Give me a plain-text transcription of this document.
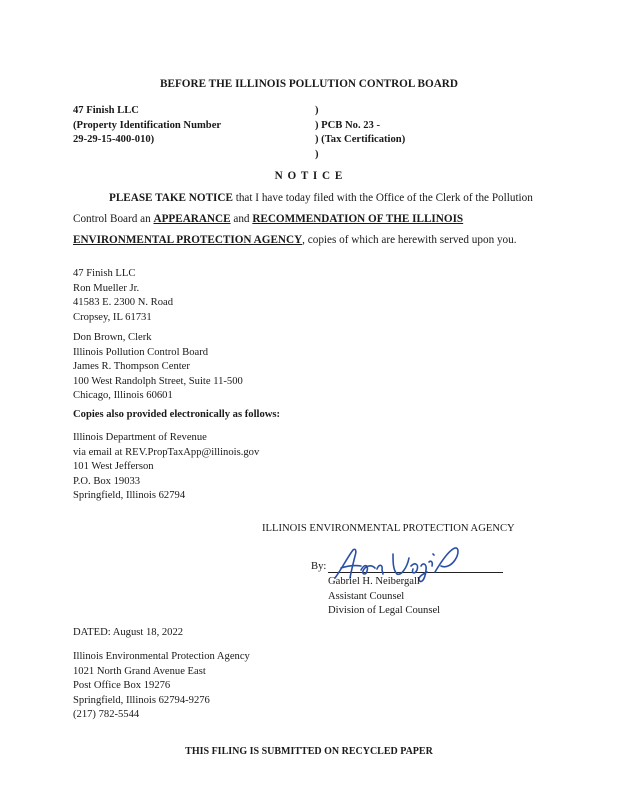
BEFORE THE ILLINOIS POLLUTION CONTROL BOARD
47 Finish LLC
(Property Identification Number
29-29-15-400-010)
)
) PCB No. 23 -
) (Tax Certification)
)
N O T I C E
PLEASE TAKE NOTICE that I have today filed with the Office of the Clerk of the Pollution
Control Board an APPEARANCE and RECOMMENDATION OF THE ILLINOIS
ENVIRONMENTAL PROTECTION AGENCY, copies of which are herewith served upon you.
47 Finish LLC
Ron Mueller Jr.
41583 E. 2300 N. Road
Cropsey, IL 61731
Don Brown, Clerk
Illinois Pollution Control Board
James R. Thompson Center
100 West Randolph Street, Suite 11-500
Chicago, Illinois 60601
Copies also provided electronically as follows:
Illinois Department of Revenue
via email at REV.PropTaxApp@illinois.gov
101 West Jefferson
P.O. Box 19033
Springfield, Illinois 62794
ILLINOIS ENVIRONMENTAL PROTECTION AGENCY
By:
Gabriel H. Neibergall
Assistant Counsel
Division of Legal Counsel
DATED: August 18, 2022
Illinois Environmental Protection Agency
1021 North Grand Avenue East
Post Office Box 19276
Springfield, Illinois 62794-9276
(217) 782-5544
THIS FILING IS SUBMITTED ON RECYCLED PAPER
